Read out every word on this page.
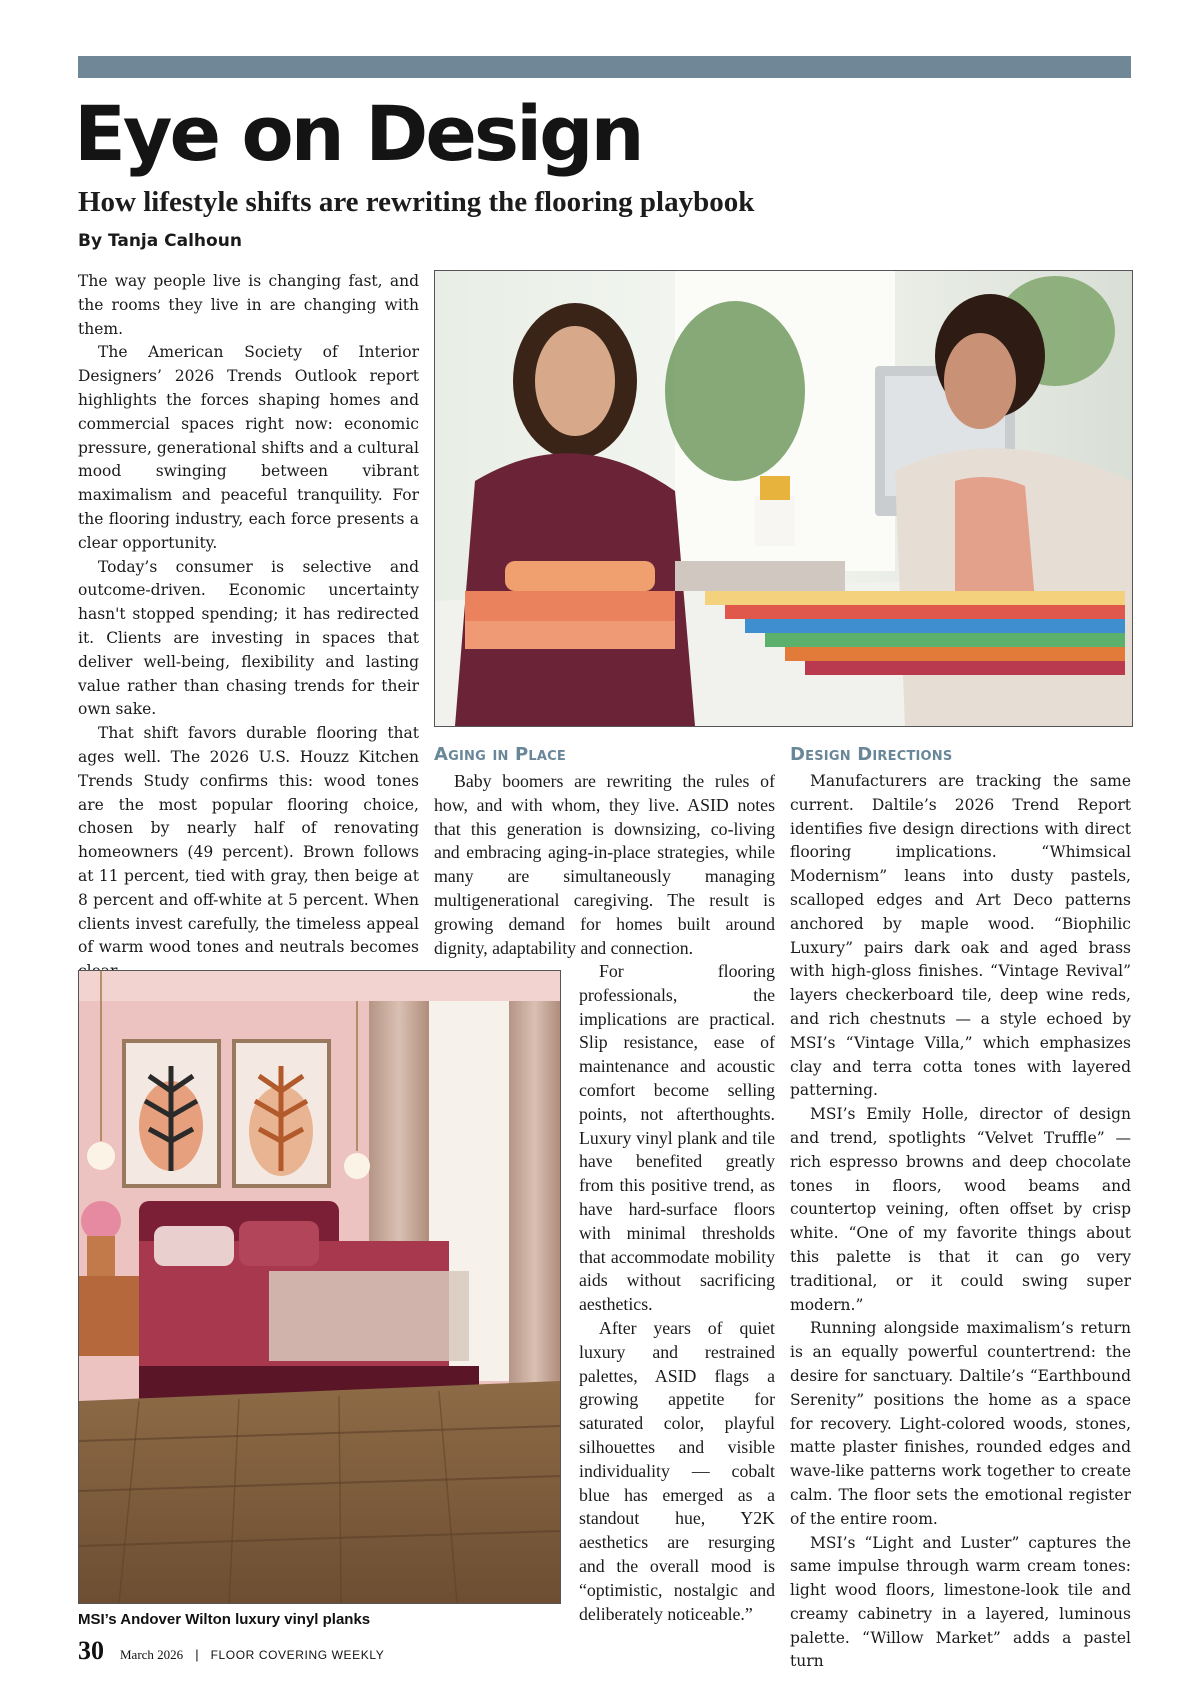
Eye on Design
How lifestyle shifts are rewriting the flooring playbook

By Tanja Calhoun

The way people live is changing fast, and the rooms they live in are changing with them.

The American Society of Interior Designers’ 2026 Trends Outlook report highlights the forces shaping homes and commercial spaces right now: economic pressure, generational shifts and a cultural mood swinging between vibrant maximalism and peaceful tranquility. For the flooring industry, each force presents a clear opportunity.

Today’s consumer is selective and outcome-driven. Economic uncertainty hasn't stopped spending; it has redirected it. Clients are investing in spaces that deliver well-being, flexibility and lasting value rather than chasing trends for their own sake.

That shift favors durable flooring that ages well. The 2026 U.S. Houzz Kitchen Trends Study confirms this: wood tones are the most popular flooring choice, chosen by nearly half of renovating homeowners (49 percent). Brown follows at 11 percent, tied with gray, then beige at 8 percent and off-white at 5 percent. When clients invest carefully, the timeless appeal of warm wood tones and neutrals becomes

Aging in Place	Design Directions

Baby boomers are rewriting the rules of how, and with whom, they live. ASID notes that this generation is downsizing, co-living and embracing aging-in-place strategies, while many are simultaneously managing multigenerational caregiving. The result is growing demand for homes built around dignity, adaptability and connection.

For flooring professionals, the implications are practical. Slip resistance, ease of maintenance and acoustic comfort become selling points, not afterthoughts. Luxury vinyl plank and tile have benefited greatly from this positive trend, as have hard-surface floors with minimal thresholds that accommodate mobility aids without sacrificing aesthetics.

After years of quiet luxury and restrained palettes, ASID flags a growing appetite for saturated color, playful silhouettes and visible individuality — cobalt blue has emerged as a standout hue, Y2K aesthetics are resurging and the overall mood is “optimistic, nostalgic and deliberately noticeable.”

Manufacturers are tracking the same current. Daltile’s 2026 Trend Report identifies five design directions with direct flooring implications. “Whimsical Modernism” leans into dusty pastels, scalloped edges and Art Deco patterns anchored by maple wood. “Biophilic Luxury” pairs dark oak and aged brass with high-gloss finishes. “Vintage Revival” layers checkerboard tile, deep wine reds, and rich chestnuts — a style echoed by MSI’s “Vintage Villa,” which emphasizes clay and terra cotta tones with layered patterning.

MSI’s Emily Holle, director of design and trend, spotlights “Velvet Truffle” — rich espresso browns and deep chocolate tones in floors, wood beams and countertop veining, often offset by crisp white. “One of my favorite things about this palette is that it can go very traditional, or it could swing super modern.”

Running alongside maximalism’s return is an equally powerful countertrend: the desire for sanctuary. Daltile’s “Earthbound Serenity” positions the home as a space for recovery. Light-colored woods, stones, matte plaster finishes, rounded edges and wave-like patterns work together to create calm. The floor sets the emotional register of the entire room.

MSI’s “Light and Luster” captures the same impulse through warm cream tones: light wood floors, limestone-look tile and creamy cabinetry in a layered, luminous palette. “Willow Market” adds a pastel turn

MSI’s Andover Wilton luxury vinyl planks

30 March 2026 | FLOOR COVERING WEEKLY
